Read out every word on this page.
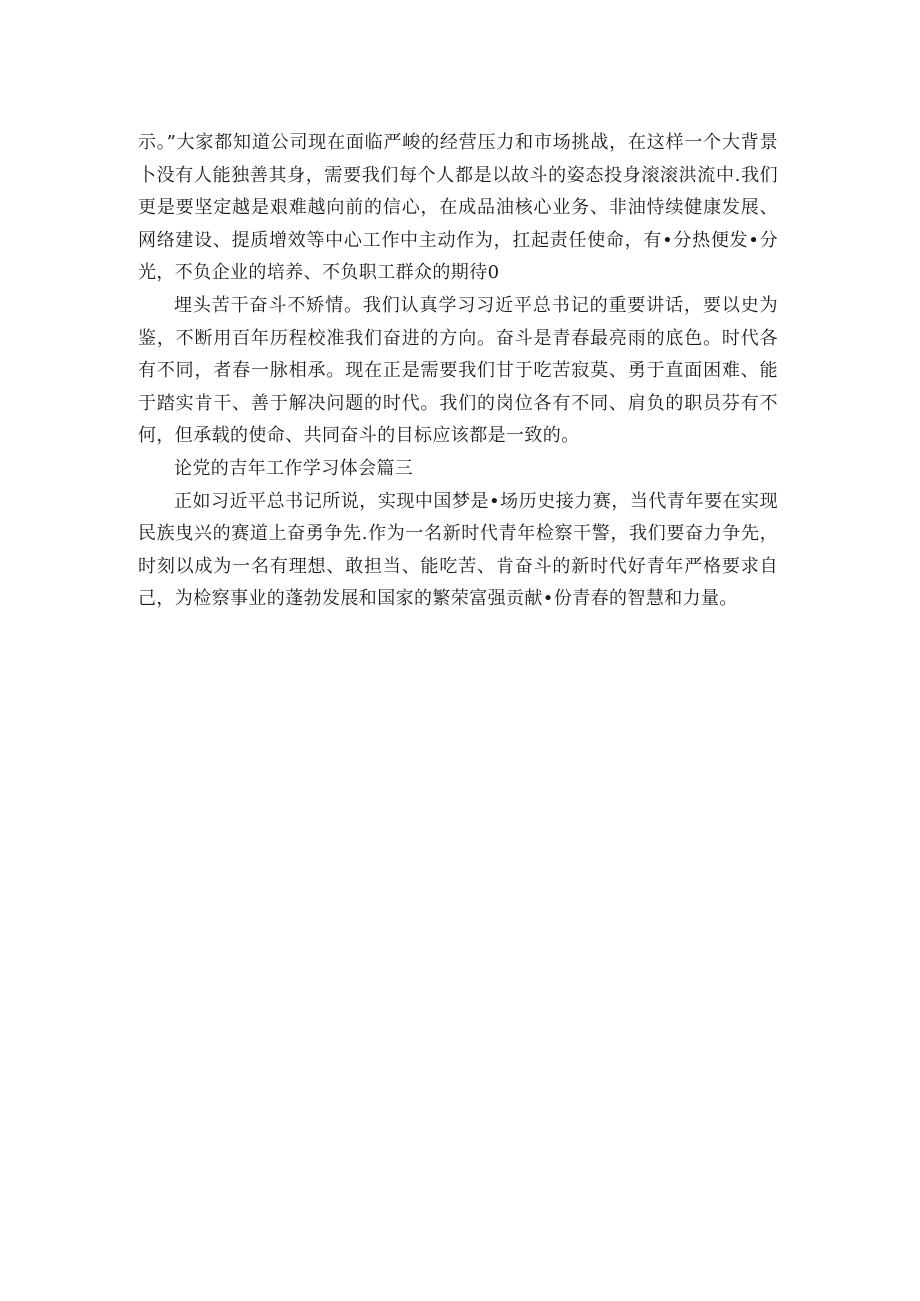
示。”大家都知道公司现在面临严峻的经营压力和市场挑战，在这样一个大背景卜没有人能独善其身，需要我们每个人都是以故斗的姿态投身滚滚洪流中.我们更是要坚定越是艰难越向前的信心，在成品油核心业务、非油恃续健康发展、网络建设、提质增效等中心工作中主动作为，扛起责任使命，有•分热便发•分光，不负企业的培养、不负职工群众的期待0

埋头苦干奋斗不矫情。我们认真学习习近平总书记的重要讲话，要以史为鉴，不断用百年历程校准我们奋进的方向。奋斗是青春最亮雨的底色。时代各有不同，者春一脉相承。现在正是需要我们甘于吃苦寂莫、勇于直面困难、能于踏实肯干、善于解决问题的时代。我们的岗位各有不同、肩负的职员芬有不何，但承载的使命、共同奋斗的目标应该都是一致的。

论党的吉年工作学习体会篇三

正如习近平总书记所说，实现中国梦是•场历史接力赛，当代青年要在实现民族曳兴的赛道上奋勇争先.作为一名新时代青年检察干警，我们要奋力争先，时刻以成为一名有理想、敢担当、能吃苦、肯奋斗的新时代好青年严格要求自己，为检察事业的蓬勃发展和国家的繁荣富强贡献•份青春的智慧和力量。
